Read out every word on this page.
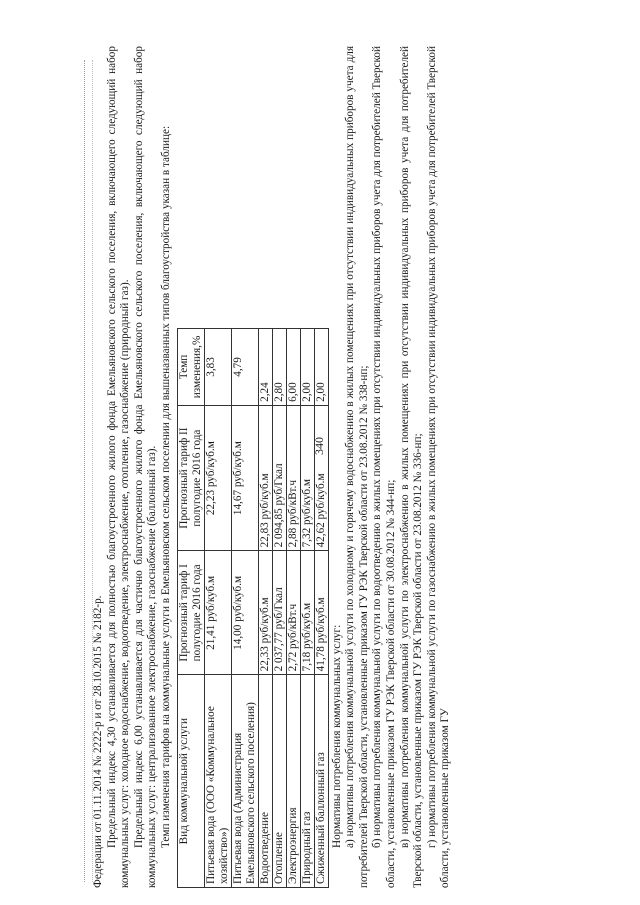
340

Федерации от 01.11.2014 № 2222-р и от 28.10.2015 № 2182-р. Предельный индекс 4,30 устанавливается для полностью благоустроенного жилого фонда Емельяновского сельского поселения, включающего следующий набор коммунальных услуг: холодное водоснабжение, водоотведение, электроснабжение, отопление, газоснабжение (природный газ). Предельный индекс 6,00 устанавливается для частично благоустроенного жилого фонда Емельяновского сельского поселения, включающего следующий набор коммунальных услуг: централизованное электроснабжение, газоснабжение (баллонный газ). Темп изменения тарифов на коммунальные услуги в Емельяновском сельском поселении для вышеназванных типов благоустройства указан в таблице: Вид коммунальной услуги	Прогнозный тариф I полугодие 2016 года	Прогнозный тариф II полугодие 2016 года	Темп изменения,%
Питьевая вода (ООО «Коммунальное хозяйство»)	21,41 руб/куб.м	22,23 руб/куб.м	3,83
Питьевая вода (Администрация Емельяновского сельского поселения)	14,00 руб/куб.м	14,67 руб/куб.м	4,79
Водоотведение	22,33 руб/куб.м	22,83 руб/куб.м	2,24
Отопление	2 037,77 руб/Гкал	2 094,85 руб/Гкал	2,80
Электроэнергия	2,72 руб/кВт.ч	2,88 руб/кВт.ч	6,00
Природный газ	7,18 руб/куб.м	7,32 руб/куб.м	2,00
Сжиженный баллонный газ	41,78 руб/куб.м	42,62 руб/куб.м	2,00

Нормативы потребления коммунальных услуг: а) нормативы потребления коммунальной услуги по холодному и горячему водоснабжению в жилых помещениях при отсутствии индивидуальных приборов учета для потребителей Тверской области, установленные приказом ГУ РЭК Тверской области от 23.08.2012 № 338-нп; б) нормативы потребления коммунальной услуги по водоотведению в жилых помещениях при отсутствии индивидуальных приборов учета для потребителей Тверской области, установленные приказом ГУ РЭК Тверской области от 30.08.2012 № 344-нп; в) нормативы потребления коммунальной услуги по электроснабжению в жилых помещениях при отсутствии индивидуальных приборов учета для потребителей Тверской области, установленные приказом ГУ РЭК Тверской области от 23.08.2012 № 336-нп; г) нормативы потребления коммунальной услуги по газоснабжению в жилых помещениях при отсутствии индивидуальных приборов учета для потребителей Тверской области, установленные приказом ГУ
